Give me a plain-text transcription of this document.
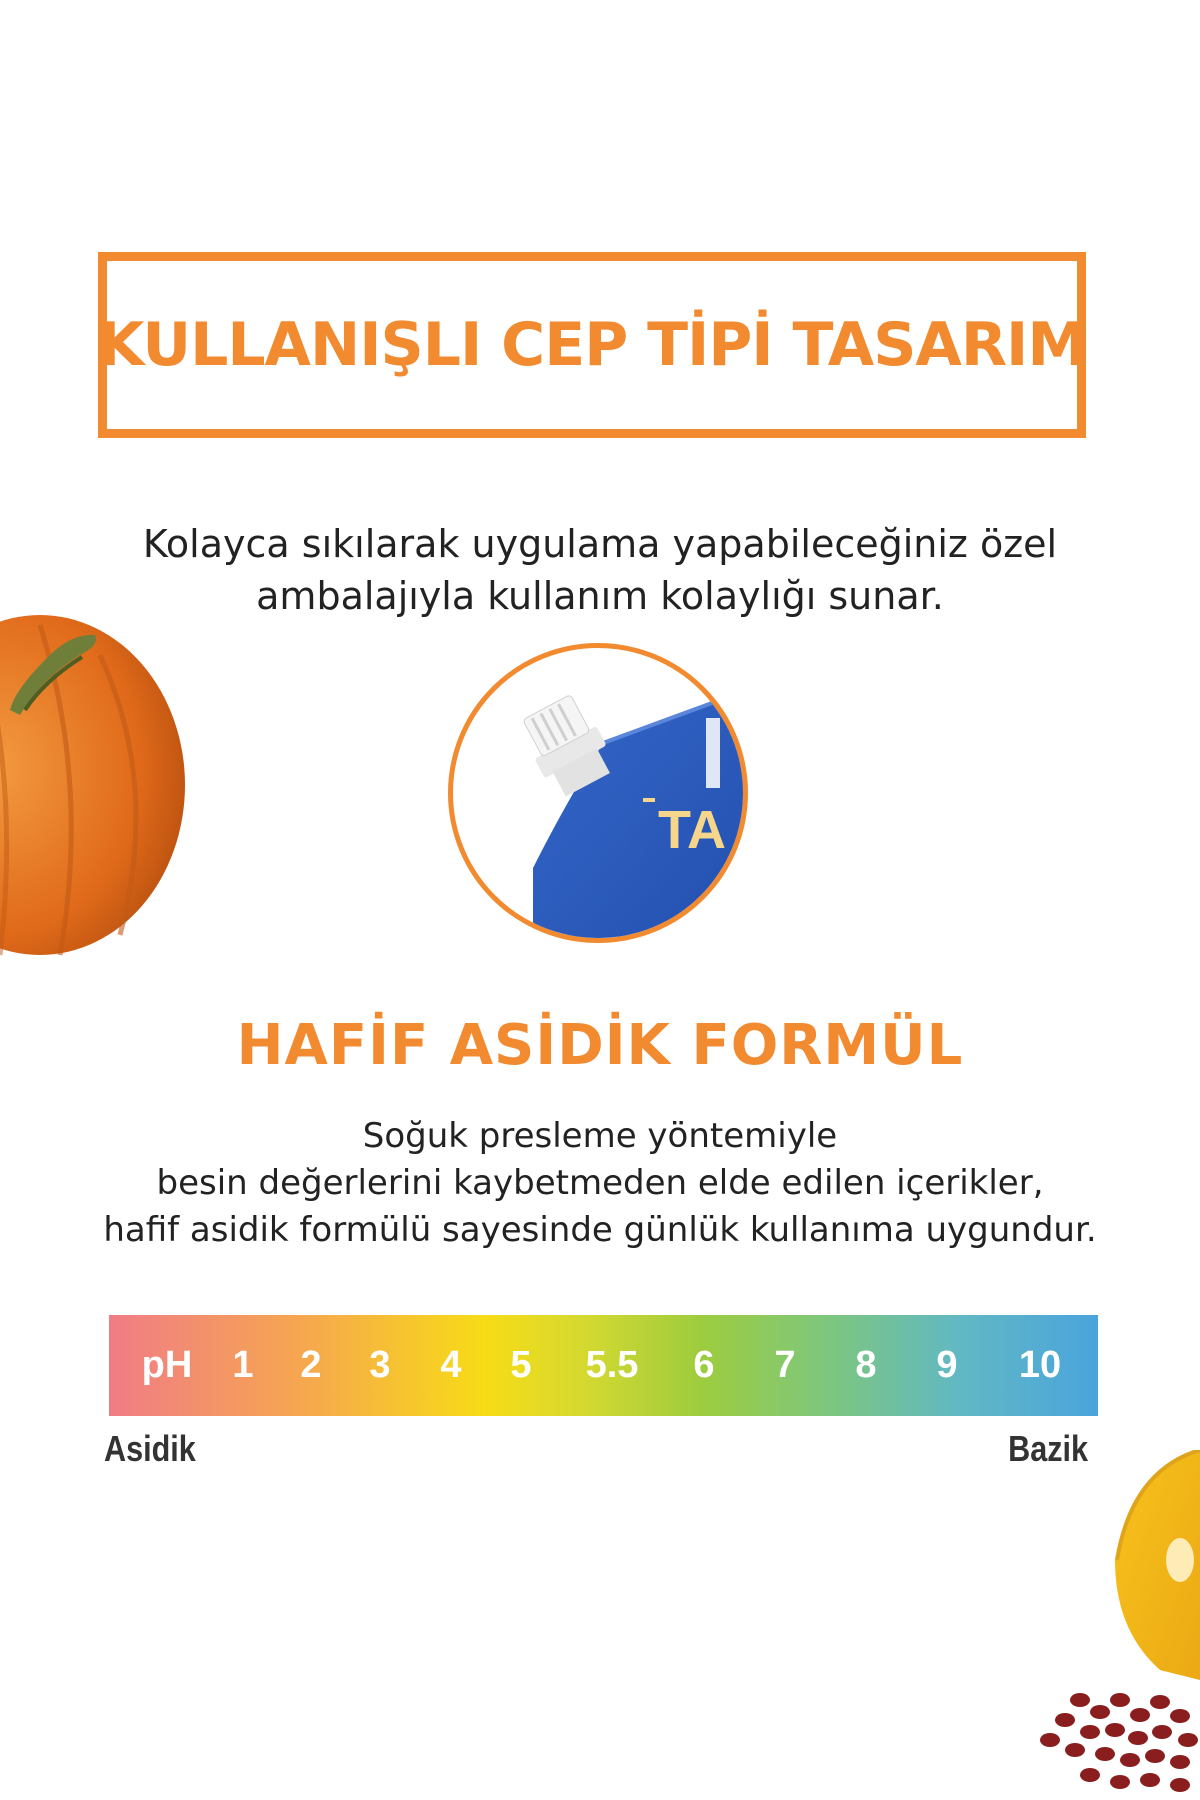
KULLANIŞLI CEP TİPİ TASARIM
Kolayca sıkılarak uygulama yapabileceğiniz özel
ambalajıyla kullanım kolaylığı sunar.
TA
HAFİF ASİDİK FORMÜL
Soğuk presleme yöntemiyle
besin değerlerini kaybetmeden elde edilen içerikler,
hafif asidik formülü sayesinde günlük kullanıma uygundur.
pH 1 2 3 4 5 5.5 6 7 8 9 10
Asidik	Bazik
